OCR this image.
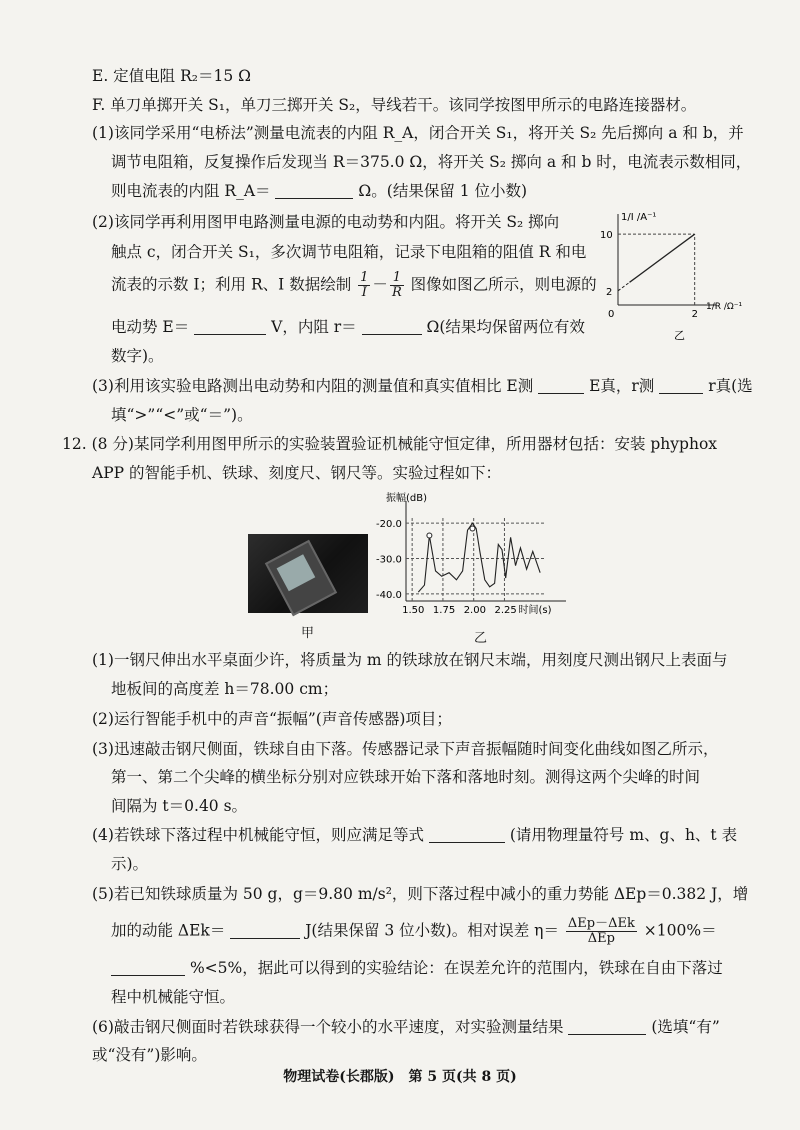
E. 定值电阻 R₂＝15 Ω
F. 单刀单掷开关 S₁，单刀三掷开关 S₂，导线若干。该同学按图甲所示的电路连接器材。
(1)该同学采用“电桥法”测量电流表的内阻 R_A，闭合开关 S₁，将开关 S₂ 先后掷向 a 和 b，并
调节电阻箱，反复操作后发现当 R＝375.0 Ω，将开关 S₂ 掷向 a 和 b 时，电流表示数相同，
则电流表的内阻 R_A＝	Ω。(结果保留 1 位小数)
(2)该同学再利用图甲电路测量电源的电动势和内阻。将开关 S₂ 掷向
触点 c，闭合开关 S₁，多次调节电阻箱，记录下电阻箱的阻值 R 和电
流表的示数 I；利用 R、I 数据绘制 $\frac{1}{I} - \frac{1}{R}$ 图像如图乙所示，则电源的
电动势 E＝	V，内阻 r＝	Ω(结果均保留两位有效
数字)。
1/I /A⁻¹
1/R /Ω⁻¹
0	2
2
10
乙
(3)利用该实验电路测出电动势和内阻的测量值和真实值相比 E测	E真，r测	r真(选
填“>”“<”或“＝”)。
12. (8 分)某同学利用图甲所示的实验装置验证机械能守恒定律，所用器材包括：安装 phyphox
APP 的智能手机、铁球、刻度尺、钢尺等。实验过程如下：
甲
振幅(dB)
-20.0
-30.0
-40.0
1.50 1.75 2.00 2.25 时间(s)
乙
(1)一钢尺伸出水平桌面少许，将质量为 m 的铁球放在钢尺末端，用刻度尺测出钢尺上表面与
地板间的高度差 h＝78.00 cm；
(2)运行智能手机中的声音“振幅”(声音传感器)项目；
(3)迅速敲击钢尺侧面，铁球自由下落。传感器记录下声音振幅随时间变化曲线如图乙所示，
第一、第二个尖峰的横坐标分别对应铁球开始下落和落地时刻。测得这两个尖峰的时间
间隔为 t＝0.40 s。
(4)若铁球下落过程中机械能守恒，则应满足等式	(请用物理量符号 m、g、h、t 表
示)。
(5)若已知铁球质量为 50 g，g＝9.80 m/s²，则下落过程中减小的重力势能 ΔEp＝0.382 J，增
加的动能 ΔEk＝	J(结果保留 3 位小数)。相对误差 $\eta= \frac{\text{ΔEp－ΔEk}}{\text{ΔEp}} \times 100\%=$
%<5%，据此可以得到的实验结论：在误差允许的范围内，铁球在自由下落过
程中机械能守恒。
(6)敲击钢尺侧面时若铁球获得一个较小的水平速度，对实验测量结果	(选填“有”
或“没有”)影响。
物理试卷(长郡版)　第 5 页(共 8 页)
